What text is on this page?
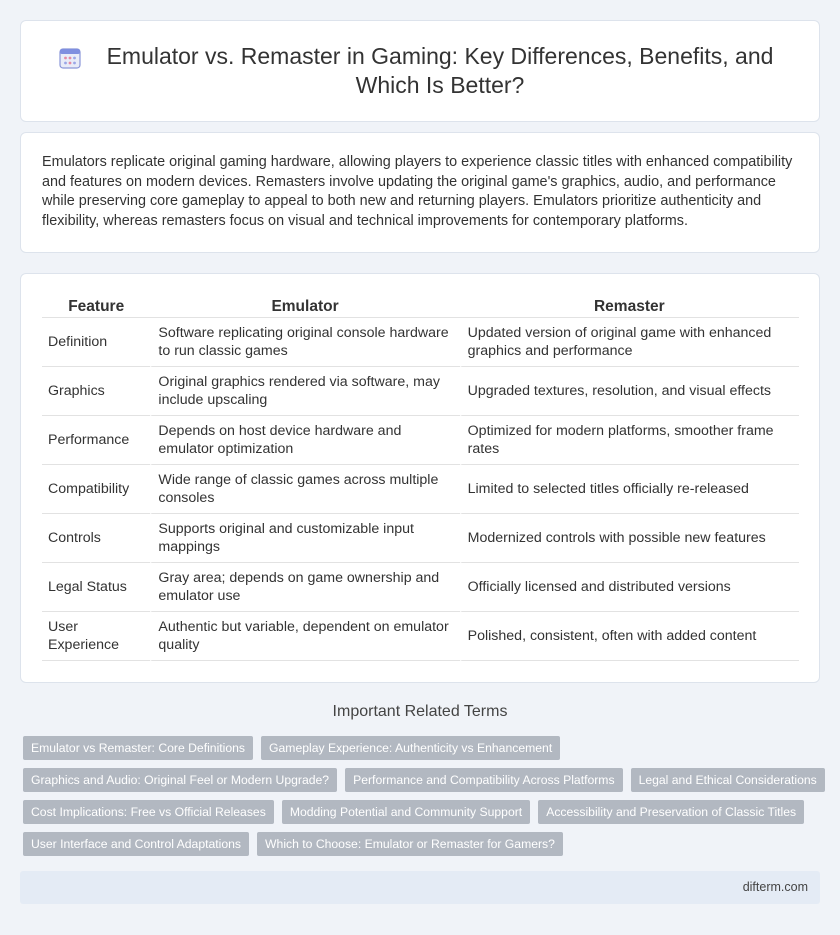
Emulator vs. Remaster in Gaming: Key Differences, Benefits, and Which Is Better?

Emulators replicate original gaming hardware, allowing players to experience classic titles with enhanced compatibility and features on modern devices. Remasters involve updating the original game's graphics, audio, and performance while preserving core gameplay to appeal to both new and returning players. Emulators prioritize authenticity and flexibility, whereas remasters focus on visual and technical improvements for contemporary platforms.

Feature	Emulator	Remaster
Definition	Software replicating original console hardware to run classic games	Updated version of original game with enhanced graphics and performance
Graphics	Original graphics rendered via software, may include upscaling	Upgraded textures, resolution, and visual effects
Performance	Depends on host device hardware and emulator optimization	Optimized for modern platforms, smoother frame rates
Compatibility	Wide range of classic games across multiple consoles	Limited to selected titles officially re-released
Controls	Supports original and customizable input mappings	Modernized controls with possible new features
Legal Status	Gray area; depends on game ownership and emulator use	Officially licensed and distributed versions
User Experience	Authentic but variable, dependent on emulator quality	Polished, consistent, often with added content
Important Related Terms
Emulator vs Remaster: Core Definitions	Gameplay Experience: Authenticity vs Enhancement
Graphics and Audio: Original Feel or Modern Upgrade?	Performance and Compatibility Across Platforms	Legal and Ethical Considerations
Cost Implications: Free vs Official Releases	Modding Potential and Community Support	Accessibility and Preservation of Classic Titles
User Interface and Control Adaptations	Which to Choose: Emulator or Remaster for Gamers?
difterm.com
